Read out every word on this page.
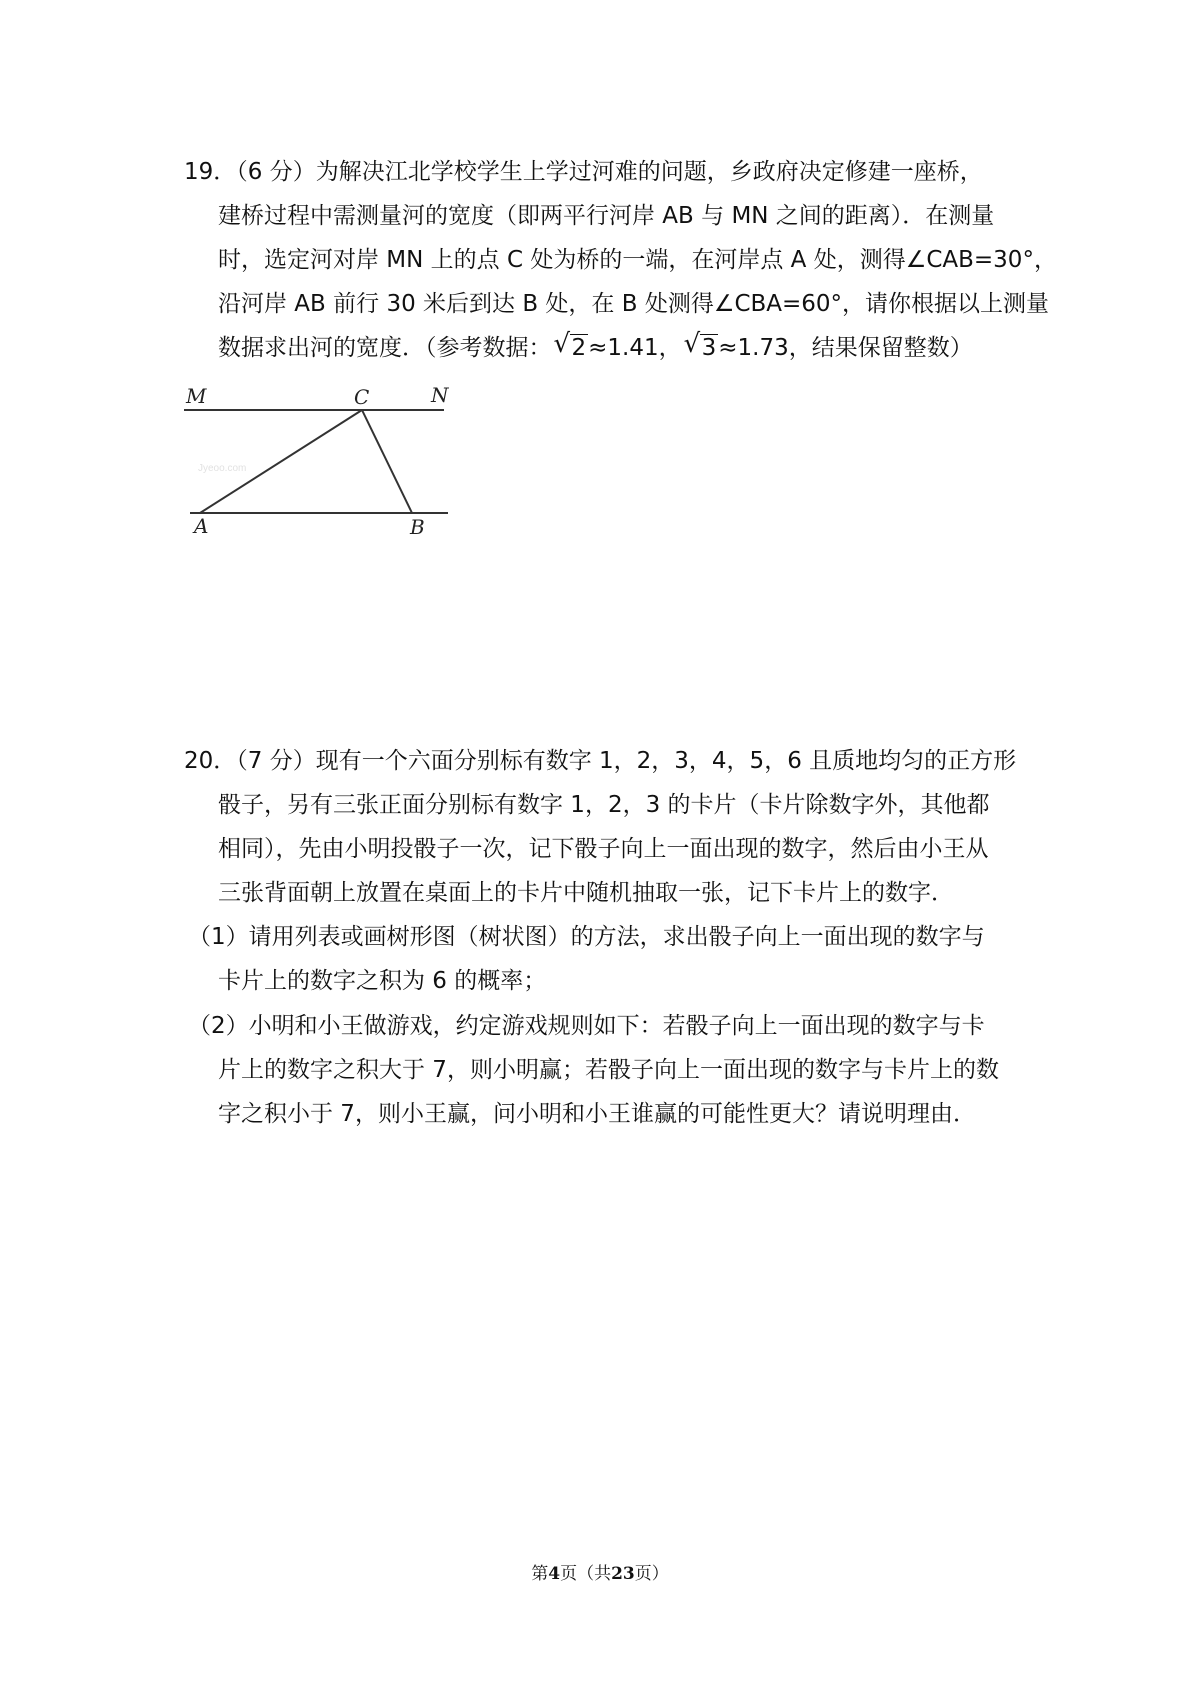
19．（6 分）为解决江北学校学生上学过河难的问题，乡政府决定修建一座桥，
建桥过程中需测量河的宽度（即两平行河岸 AB 与 MN 之间的距离）．在测量
时，选定河对岸 MN 上的点 C 处为桥的一端，在河岸点 A 处，测得∠CAB=30°，
沿河岸 AB 前行 30 米后到达 B 处，在 B 处测得∠CBA=60°，请你根据以上测量
数据求出河的宽度．（参考数据： √ 2≈1.41， √ 3≈1.73，结果保留整数）
Jyeoo.com
M	C	N
A	B
20．（7 分）现有一个六面分别标有数字 1，2，3，4，5，6 且质地均匀的正方形
骰子，另有三张正面分别标有数字 1，2，3 的卡片（卡片除数字外，其他都
相同），先由小明投骰子一次，记下骰子向上一面出现的数字，然后由小王从
三张背面朝上放置在桌面上的卡片中随机抽取一张，记下卡片上的数字．
（1）请用列表或画树形图（树状图）的方法，求出骰子向上一面出现的数字与
卡片上的数字之积为 6 的概率；
（2）小明和小王做游戏，约定游戏规则如下：若骰子向上一面出现的数字与卡
片上的数字之积大于 7，则小明赢；若骰子向上一面出现的数字与卡片上的数
字之积小于 7，则小王赢，问小明和小王谁赢的可能性更大？请说明理由．
第4页（共23页）
